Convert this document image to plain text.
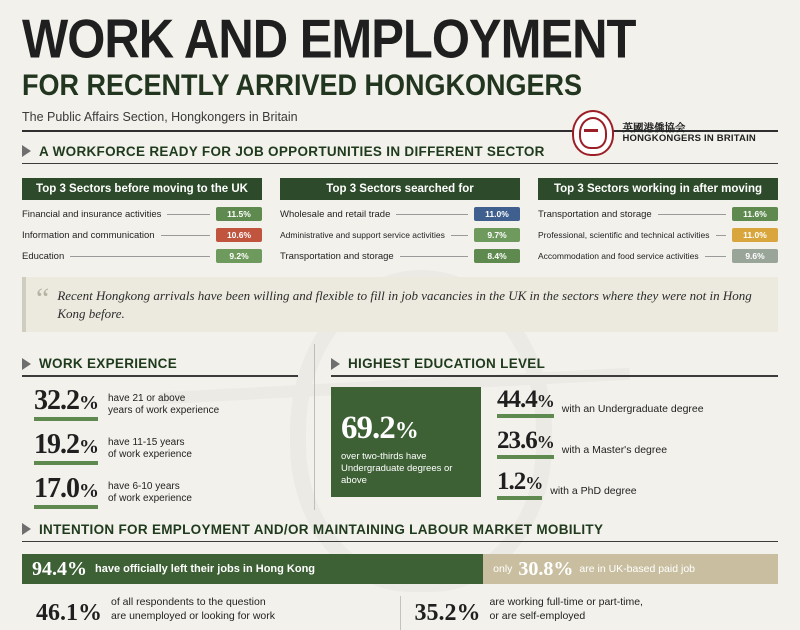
WORK AND EMPLOYMENT
FOR RECENTLY ARRIVED HONGKONGERS
The Public Affairs Section, Hongkongers in Britain
英國港僑協会
HONGKONGERS IN BRITAIN
A WORKFORCE READY FOR JOB OPPORTUNITIES IN DIFFERENT SECTOR
Top 3 Sectors before moving to the UK
Financial and insurance activities	11.5%
Information and communication	10.6%
Education	9.2%
Top 3 Sectors searched for
Wholesale and retail trade	11.0%
Administrative and support service activities	9.7%
Transportation and storage	8.4%
Top 3 Sectors working in after moving
Transportation and storage	11.6%
Professional, scientific and technical activities	11.0%
Accommodation and food service activities	9.6%
“ Recent Hongkong arrivals have been willing and flexible to fill in job vacancies in the UK in the sectors where they were not in Hong Kong before.
WORK EXPERIENCE
32.2% have 21 or above
years of work experience
19.2% have 11-15 years
of work experience
17.0% have 6-10 years
of work experience
HIGHEST EDUCATION LEVEL
69.2%
over two-thirds have
Undergraduate degrees or above
44.4% with an Undergraduate degree
23.6% with a Master's degree
1.2% with a PhD degree
INTENTION FOR EMPLOYMENT AND/OR MAINTAINING LABOUR MARKET MOBILITY
94.4% have officially left their jobs in Hong Kong	only 30.8% are in UK-based paid job
46.1% of all respondents to the question
are unemployed or looking for work	35.2% are working full-time or part-time,
or are self-employed
